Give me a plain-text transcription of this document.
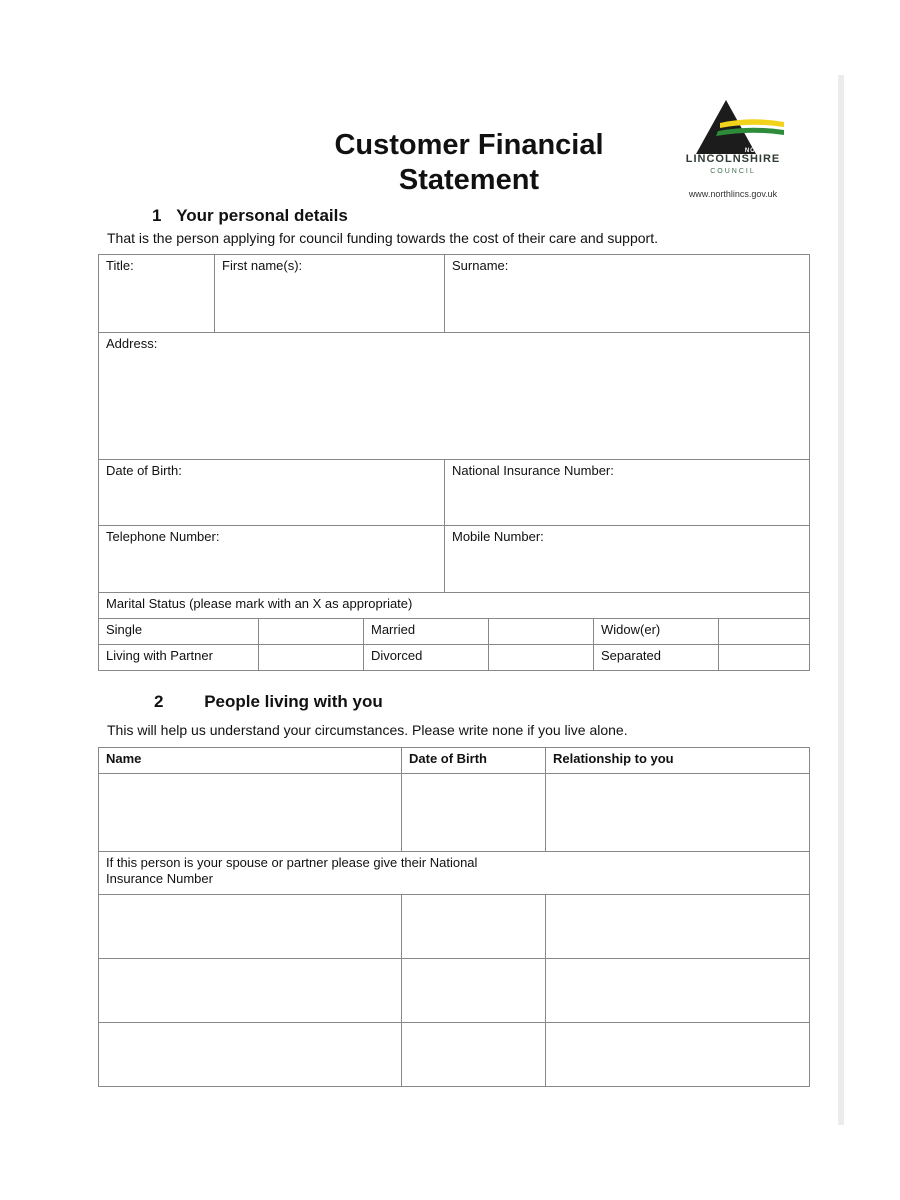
Customer Financial
Statement
NORTH
LINCOLNSHIRE
COUNCIL
www.northlincs.gov.uk
1 Your personal details
That is the person applying for council funding towards the cost of their care and support.
Title:	First name(s):	Surname:
Address:		
Date of Birth:		National Insurance Number:
Telephone Number:		Mobile Number:
Marital Status (please mark with an X as appropriate)					
Single		Married		Widow(er)	
Living with Partner		Divorced		Separated	
2 People living with you
This will help us understand your circumstances. Please write none if you live alone.
Name	Date of Birth	Relationship to you

If this person is your spouse or partner please give their National
Insurance Number		
